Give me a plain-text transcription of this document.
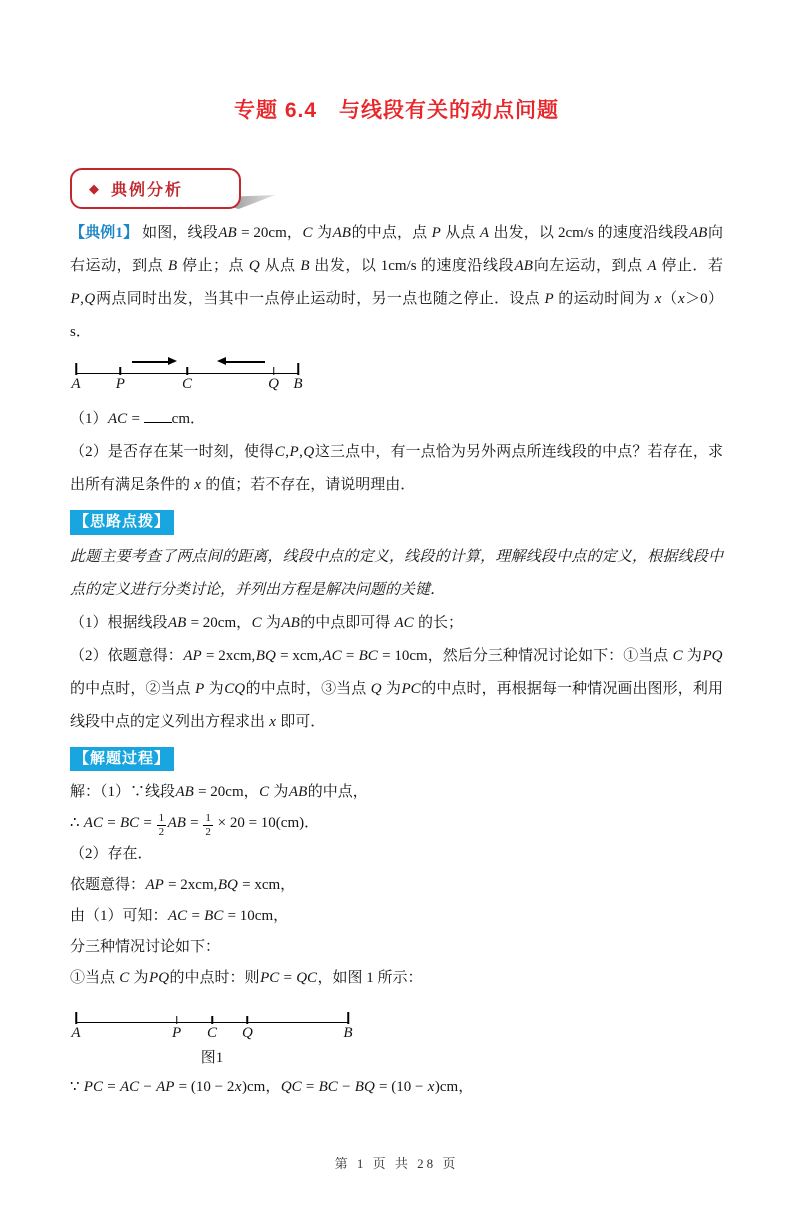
专题 6.4　与线段有关的动点问题
◆ 典例分析

【典例1】 如图，线段AB = 20cm，C 为AB的中点，点 P 从点 A 出发，以 2cm/s 的速度沿线段AB向右运动，到点 B 停止；点 Q 从点 B 出发，以 1cm/s 的速度沿线段AB向左运动，到点 A 停止．若P,Q两点同时出发，当其中一点停止运动时，另一点也随之停止．设点 P 的运动时间为 x（x＞0）s．

A P	C	Q B

（1）AC = cm．

（2）是否存在某一时刻，使得C,P,Q这三点中，有一点恰为另外两点所连线段的中点？若存在，求出所有满足条件的 x 的值；若不存在，请说明理由．

【思路点拨】

此题主要考查了两点间的距离，线段中点的定义，线段的计算，理解线段中点的定义，根据线段中点的定义进行分类讨论，并列出方程是解决问题的关键．

（1）根据线段AB = 20cm，C 为AB的中点即可得 AC 的长；

（2）依题意得：AP = 2xcm,BQ = xcm,AC = BC = 10cm，然后分三种情况讨论如下：①当点 C 为PQ的中点时，②当点 P 为CQ的中点时，③当点 Q 为PC的中点时，再根据每一种情况画出图形，利用线段中点的定义列出方程求出 x 即可．

【解题过程】

解：（1）∵线段AB = 20cm，C 为AB的中点，

∴ AC = BC = $\frac{1}{2}$ AB = $\frac{1}{2} \times 20 = 10(cm)$．

（2）存在．

依题意得：AP = 2xcm,BQ = xcm，

由（1）可知：AC = BC = 10cm，

分三种情况讨论如下：

①当点 C 为PQ的中点时：则PC = QC，如图 1 所示：

A	P C Q	B
图1

∵ PC = AC − AP = (10 − 2x)cm，QC = BC − BQ = (10 − x)cm，

第 1 页 共 28 页
